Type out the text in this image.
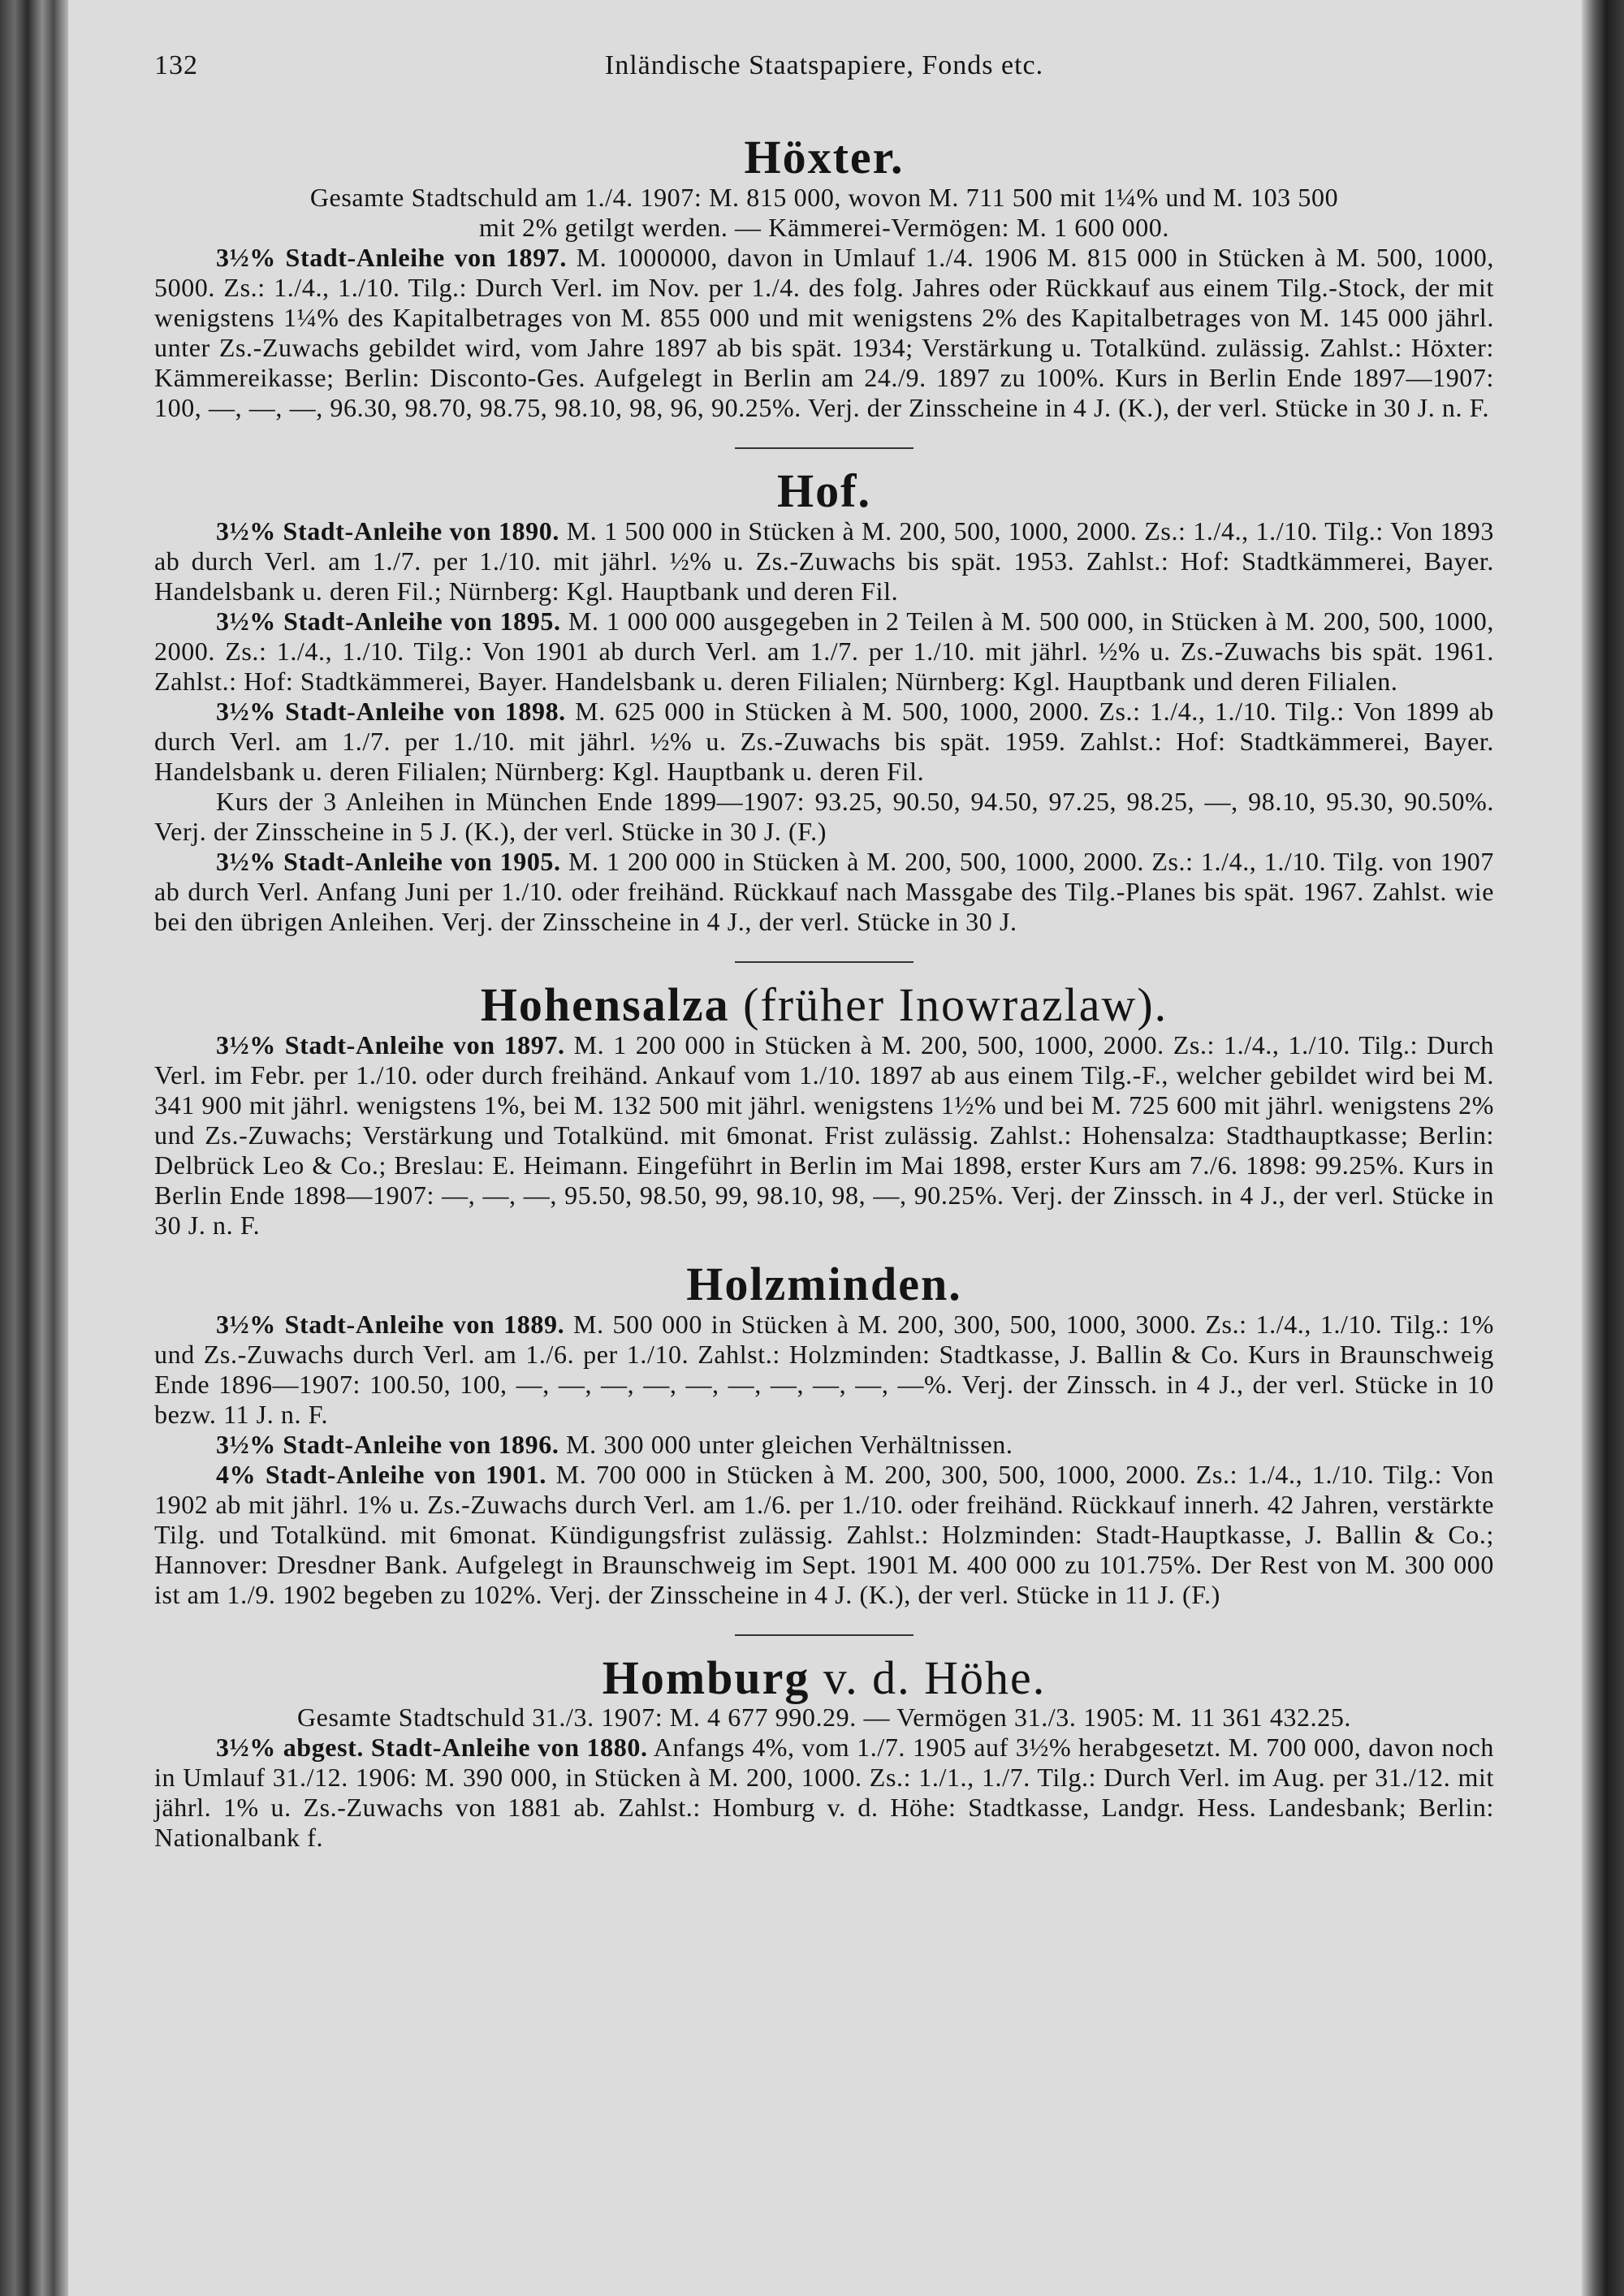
132	Inländische Staatspapiere, Fonds etc.
Höxter.

Gesamte Stadtschuld am 1./4. 1907: M. 815 000, wovon M. 711 500 mit 1¼% und M. 103 500

mit 2% getilgt werden. — Kämmerei-Vermögen: M. 1 600 000.

3½% Stadt-Anleihe von 1897. M. 1000000, davon in Umlauf 1./4. 1906 M. 815 000 in Stücken à M. 500, 1000, 5000. Zs.: 1./4., 1./10. Tilg.: Durch Verl. im Nov. per 1./4. des folg. Jahres oder Rückkauf aus einem Tilg.-Stock, der mit wenigstens 1¼% des Kapitalbetrages von M. 855 000 und mit wenigstens 2% des Kapitalbetrages von M. 145 000 jährl. unter Zs.-Zuwachs gebildet wird, vom Jahre 1897 ab bis spät. 1934; Verstärkung u. Totalkünd. zulässig. Zahlst.: Höxter: Kämmereikasse; Berlin: Disconto-Ges. Aufgelegt in Berlin am 24./9. 1897 zu 100%. Kurs in Berlin Ende 1897—1907: 100, —, —, —, 96.30, 98.70, 98.75, 98.10, 98, 96, 90.25%. Verj. der Zinsscheine in 4 J. (K.), der verl. Stücke in 30 J. n. F.

Hof.

3½% Stadt-Anleihe von 1890. M. 1 500 000 in Stücken à M. 200, 500, 1000, 2000. Zs.: 1./4., 1./10. Tilg.: Von 1893 ab durch Verl. am 1./7. per 1./10. mit jährl. ½% u. Zs.-Zuwachs bis spät. 1953. Zahlst.: Hof: Stadtkämmerei, Bayer. Handelsbank u. deren Fil.; Nürnberg: Kgl. Hauptbank und deren Fil.

3½% Stadt-Anleihe von 1895. M. 1 000 000 ausgegeben in 2 Teilen à M. 500 000, in Stücken à M. 200, 500, 1000, 2000. Zs.: 1./4., 1./10. Tilg.: Von 1901 ab durch Verl. am 1./7. per 1./10. mit jährl. ½% u. Zs.-Zuwachs bis spät. 1961. Zahlst.: Hof: Stadtkämmerei, Bayer. Handelsbank u. deren Filialen; Nürnberg: Kgl. Hauptbank und deren Filialen.

3½% Stadt-Anleihe von 1898. M. 625 000 in Stücken à M. 500, 1000, 2000. Zs.: 1./4., 1./10. Tilg.: Von 1899 ab durch Verl. am 1./7. per 1./10. mit jährl. ½% u. Zs.-Zuwachs bis spät. 1959. Zahlst.: Hof: Stadtkämmerei, Bayer. Handelsbank u. deren Filialen; Nürnberg: Kgl. Hauptbank u. deren Fil.

Kurs der 3 Anleihen in München Ende 1899—1907: 93.25, 90.50, 94.50, 97.25, 98.25, —, 98.10, 95.30, 90.50%. Verj. der Zinsscheine in 5 J. (K.), der verl. Stücke in 30 J. (F.)

3½% Stadt-Anleihe von 1905. M. 1 200 000 in Stücken à M. 200, 500, 1000, 2000. Zs.: 1./4., 1./10. Tilg. von 1907 ab durch Verl. Anfang Juni per 1./10. oder freihänd. Rückkauf nach Massgabe des Tilg.-Planes bis spät. 1967. Zahlst. wie bei den übrigen Anleihen. Verj. der Zinsscheine in 4 J., der verl. Stücke in 30 J.

Hohensalza (früher Inowrazlaw).

3½% Stadt-Anleihe von 1897. M. 1 200 000 in Stücken à M. 200, 500, 1000, 2000. Zs.: 1./4., 1./10. Tilg.: Durch Verl. im Febr. per 1./10. oder durch freihänd. Ankauf vom 1./10. 1897 ab aus einem Tilg.-F., welcher gebildet wird bei M. 341 900 mit jährl. wenigstens 1%, bei M. 132 500 mit jährl. wenigstens 1½% und bei M. 725 600 mit jährl. wenigstens 2% und Zs.-Zuwachs; Verstärkung und Totalkünd. mit 6monat. Frist zulässig. Zahlst.: Hohensalza: Stadthauptkasse; Berlin: Delbrück Leo & Co.; Breslau: E. Heimann. Eingeführt in Berlin im Mai 1898, erster Kurs am 7./6. 1898: 99.25%. Kurs in Berlin Ende 1898—1907: —, —, —, 95.50, 98.50, 99, 98.10, 98, —, 90.25%. Verj. der Zinssch. in 4 J., der verl. Stücke in 30 J. n. F.

Holzminden.

3½% Stadt-Anleihe von 1889. M. 500 000 in Stücken à M. 200, 300, 500, 1000, 3000. Zs.: 1./4., 1./10. Tilg.: 1% und Zs.-Zuwachs durch Verl. am 1./6. per 1./10. Zahlst.: Holzminden: Stadtkasse, J. Ballin & Co. Kurs in Braunschweig Ende 1896—1907: 100.50, 100, —, —, —, —, —, —, —, —, —, —%. Verj. der Zinssch. in 4 J., der verl. Stücke in 10 bezw. 11 J. n. F.

3½% Stadt-Anleihe von 1896. M. 300 000 unter gleichen Verhältnissen.

4% Stadt-Anleihe von 1901. M. 700 000 in Stücken à M. 200, 300, 500, 1000, 2000. Zs.: 1./4., 1./10. Tilg.: Von 1902 ab mit jährl. 1% u. Zs.-Zuwachs durch Verl. am 1./6. per 1./10. oder freihänd. Rückkauf innerh. 42 Jahren, verstärkte Tilg. und Totalkünd. mit 6monat. Kündigungsfrist zulässig. Zahlst.: Holzminden: Stadt-Hauptkasse, J. Ballin & Co.; Hannover: Dresdner Bank. Aufgelegt in Braunschweig im Sept. 1901 M. 400 000 zu 101.75%. Der Rest von M. 300 000 ist am 1./9. 1902 begeben zu 102%. Verj. der Zinsscheine in 4 J. (K.), der verl. Stücke in 11 J. (F.)

Homburg v. d. Höhe.

Gesamte Stadtschuld 31./3. 1907: M. 4 677 990.29. — Vermögen 31./3. 1905: M. 11 361 432.25.

3½% abgest. Stadt-Anleihe von 1880. Anfangs 4%, vom 1./7. 1905 auf 3½% herabgesetzt. M. 700 000, davon noch in Umlauf 31./12. 1906: M. 390 000, in Stücken à M. 200, 1000. Zs.: 1./1., 1./7. Tilg.: Durch Verl. im Aug. per 31./12. mit jährl. 1% u. Zs.-Zuwachs von 1881 ab. Zahlst.: Homburg v. d. Höhe: Stadtkasse, Landgr. Hess. Landesbank; Berlin: Nationalbank f.
